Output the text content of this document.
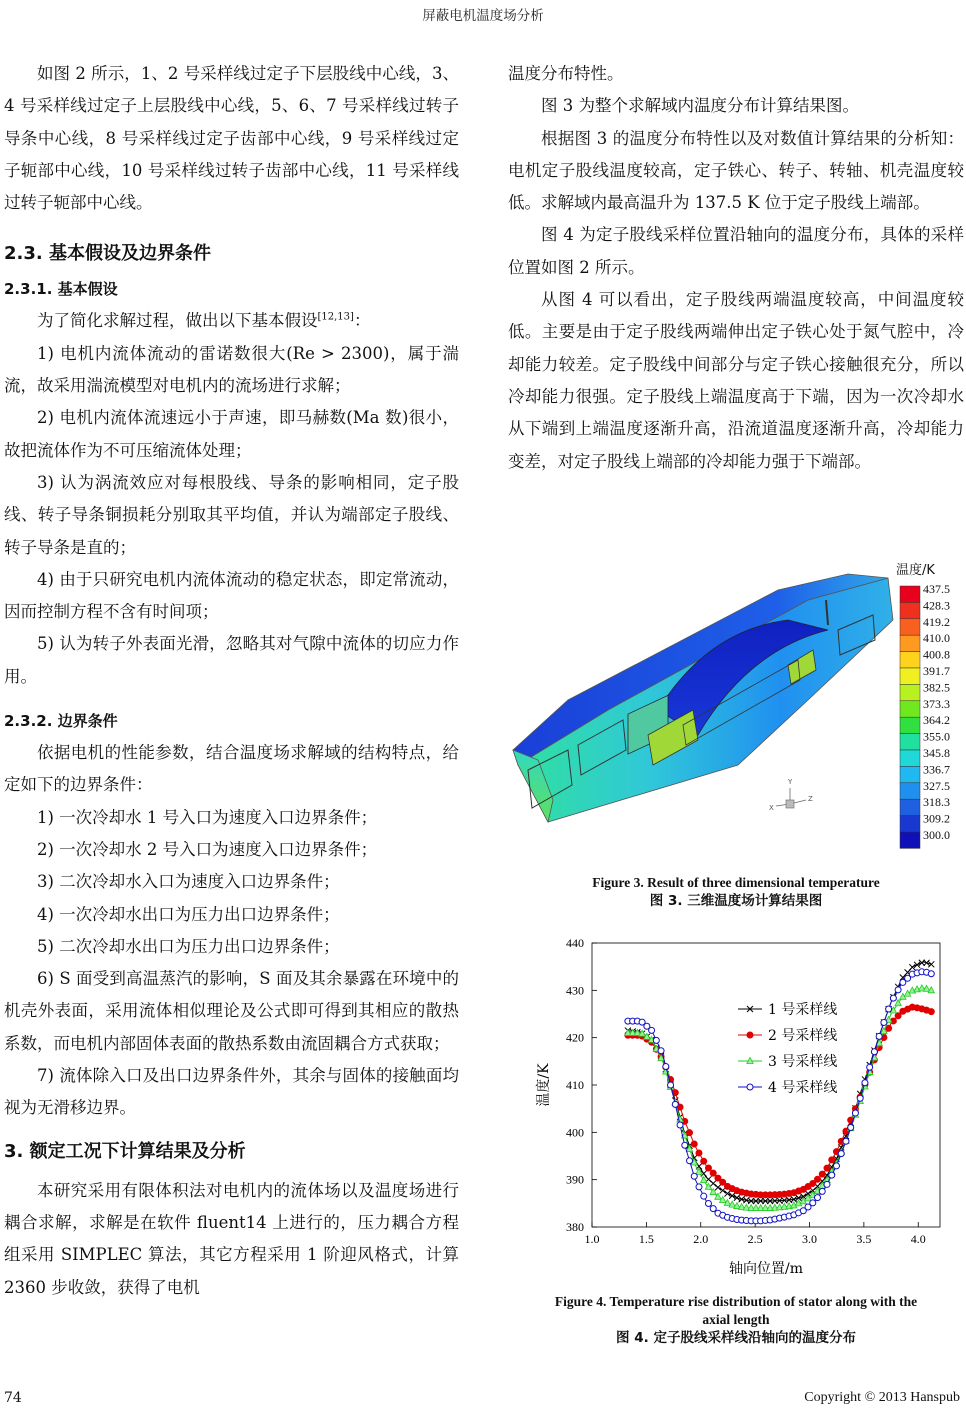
屏蔽电机温度场分析

如图 2 所示，1、2 号采样线过定子下层股线中心线，3、4 号采样线过定子上层股线中心线，5、6、7 号采样线过转子导条中心线，8 号采样线过定子齿部中心线，9 号采样线过定子轭部中心线，10 号采样线过转子齿部中心线，11 号采样线过转子轭部中心线。

2.3. 基本假设及边界条件
2.3.1. 基本假设

为了简化求解过程，做出以下基本假设[12,13]：

1) 电机内流体流动的雷诺数很大(Re > 2300)，属于湍流，故采用湍流模型对电机内的流场进行求解；

2) 电机内流体流速远小于声速，即马赫数(Ma 数)很小，故把流体作为不可压缩流体处理；

3) 认为涡流效应对每根股线、导条的影响相同，定子股线、转子导条铜损耗分别取其平均值，并认为端部定子股线、转子导条是直的；

4) 由于只研究电机内流体流动的稳定状态，即定常流动，因而控制方程不含有时间项；

5) 认为转子外表面光滑，忽略其对气隙中流体的切应力作用。

2.3.2. 边界条件

依据电机的性能参数，结合温度场求解域的结构特点，给定如下的边界条件：

1) 一次冷却水 1 号入口为速度入口边界条件；

2) 一次冷却水 2 号入口为速度入口边界条件；

3) 二次冷却水入口为速度入口边界条件；

4) 一次冷却水出口为压力出口边界条件；

5) 二次冷却水出口为压力出口边界条件；

6) S 面受到高温蒸汽的影响，S 面及其余暴露在环境中的机壳外表面，采用流体相似理论及公式即可得到其相应的散热系数，而电机内部固体表面的散热系数由流固耦合方式获取；

7) 流体除入口及出口边界条件外，其余与固体的接触面均视为无滑移边界。

3. 额定工况下计算结果及分析

本研究采用有限体积法对电机内的流体场以及温度场进行耦合求解，求解是在软件 fluent14 上进行的，压力耦合方程组采用 SIMPLEC 算法，其它方程采用 1 阶迎风格式，计算 2360 步收敛，获得了电机

温度分布特性。

图 3 为整个求解域内温度分布计算结果图。

根据图 3 的温度分布特性以及对数值计算结果的分析知：电机定子股线温度较高，定子铁心、转子、转轴、机壳温度较低。求解域内最高温升为 137.5 K 位于定子股线上端部。

图 4 为定子股线采样位置沿轴向的温度分布，具体的采样位置如图 2 所示。

从图 4 可以看出，定子股线两端温度较高，中间温度较低。主要是由于定子股线两端伸出定子铁心处于氮气腔中，冷却能力较差。定子股线中间部分与定子铁心接触很充分，所以冷却能力很强。定子股线上端温度高于下端，因为一次冷却水从下端到上端温度逐渐升高，沿流道温度逐渐升高，冷却能力变差，对定子股线上端部的冷却能力强于下端部。

Y
X
Z
温度/K
437.5
428.3
419.2
410.0
400.8
391.7
382.5
373.3
364.2
355.0
345.8
336.7
327.5
318.3
309.2
300.0
Figure 3. Result of three dimensional temperature
图 3. 三维温度场计算结果图
1.0	1.5	2.0	2.5	3.0	3.5	4.0
380
390
400
410
420
430
440
轴向位置/m
温度/K
1 号采样线
2 号采样线
3 号采样线
4 号采样线
Figure 4. Temperature rise distribution of stator along with the
axial length
图 4. 定子股线采样线沿轴向的温度分布
74	Copyright © 2013 Hanspub
